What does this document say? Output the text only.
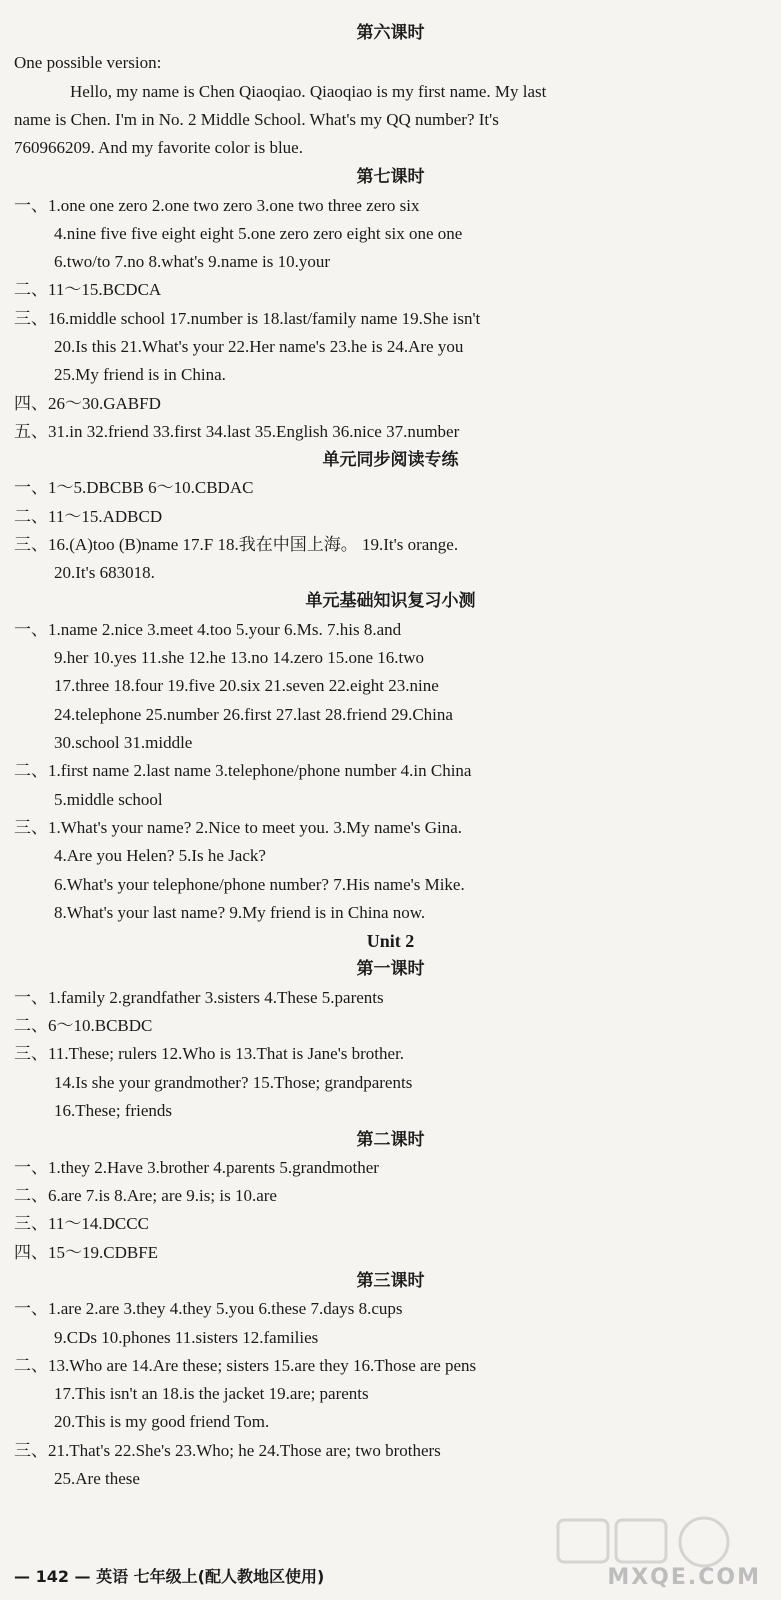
第六课时
One possible version:
Hello, my name is Chen Qiaoqiao. Qiaoqiao is my first name. My last
name is Chen. I'm in No. 2 Middle School. What's my QQ number? It's
760966209. And my favorite color is blue.
第七课时
一、1.one one zero 2.one two zero 3.one two three zero six
4.nine five five eight eight 5.one zero zero eight six one one
6.two/to 7.no 8.what's 9.name is 10.your
二、11～15.BCDCA
三、16.middle school 17.number is 18.last/family name 19.She isn't
20.Is this 21.What's your 22.Her name's 23.he is 24.Are you
25.My friend is in China.
四、26～30.GABFD
五、31.in 32.friend 33.first 34.last 35.English 36.nice 37.number
单元同步阅读专练
一、1～5.DBCBB 6～10.CBDAC
二、11～15.ADBCD
三、16.(A)too (B)name 17.F 18.我在中国上海。 19.It's orange.
20.It's 683018.
单元基础知识复习小测
一、1.name 2.nice 3.meet 4.too 5.your 6.Ms. 7.his 8.and
9.her 10.yes 11.she 12.he 13.no 14.zero 15.one 16.two
17.three 18.four 19.five 20.six 21.seven 22.eight 23.nine
24.telephone 25.number 26.first 27.last 28.friend 29.China
30.school 31.middle
二、1.first name 2.last name 3.telephone/phone number 4.in China
5.middle school
三、1.What's your name? 2.Nice to meet you. 3.My name's Gina.
4.Are you Helen? 5.Is he Jack?
6.What's your telephone/phone number? 7.His name's Mike.
8.What's your last name? 9.My friend is in China now.
Unit 2
第一课时
一、1.family 2.grandfather 3.sisters 4.These 5.parents
二、6～10.BCBDC
三、11.These; rulers 12.Who is 13.That is Jane's brother.
14.Is she your grandmother? 15.Those; grandparents
16.These; friends
第二课时
一、1.they 2.Have 3.brother 4.parents 5.grandmother
二、6.are 7.is 8.Are; are 9.is; is 10.are
三、11～14.DCCC
四、15～19.CDBFE
第三课时
一、1.are 2.are 3.they 4.they 5.you 6.these 7.days 8.cups
9.CDs 10.phones 11.sisters 12.families
二、13.Who are 14.Are these; sisters 15.are they 16.Those are pens
17.This isn't an 18.is the jacket 19.are; parents
20.This is my good friend Tom.
三、21.That's 22.She's 23.Who; he 24.Those are; two brothers
25.Are these
— 142 — 英语 七年级上(配人教地区使用)	MXQE.COM
